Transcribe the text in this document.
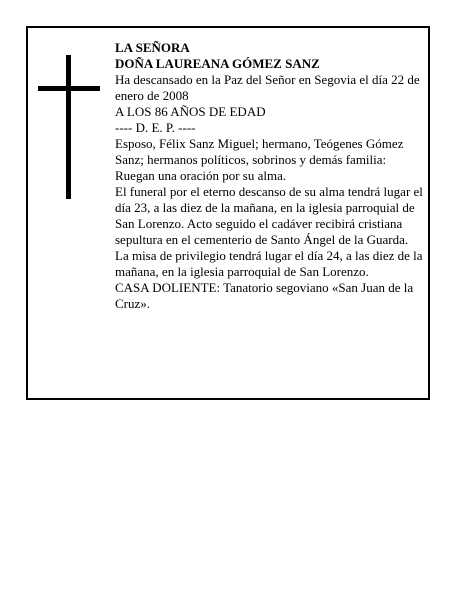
LA SEÑORA

DOÑA LAUREANA GÓMEZ SANZ

Ha descansado en la Paz del Señor en Segovia el día 22 de enero de 2008

A LOS 86 AÑOS DE EDAD

---- D. E. P. ----

Esposo, Félix Sanz Miguel; hermano, Teógenes Gómez Sanz; hermanos políticos, sobrinos y demás familia: Ruegan una oración por su alma.

El funeral por el eterno descanso de su alma tendrá lugar el día 23, a las diez de la mañana, en la iglesia parroquial de San Lorenzo. Acto seguido el cadáver recibirá cristiana sepultura en el cementerio de Santo Ángel de la Guarda. La misa de privilegio tendrá lugar el día 24, a las diez de la mañana, en la iglesia parroquial de San Lorenzo.

CASA DOLIENTE: Tanatorio segoviano «San Juan de la Cruz».
